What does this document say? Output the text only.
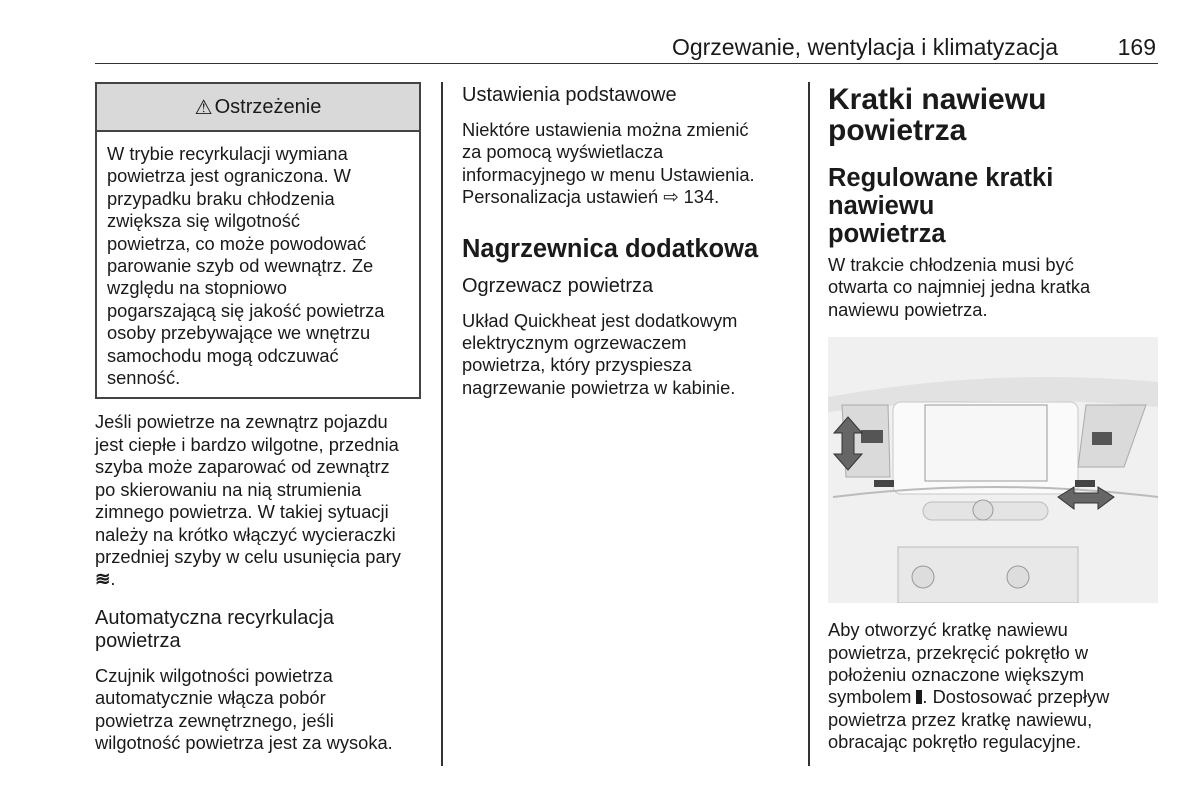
Ogrzewanie, wentylacja i klimatyzacja	169
⚠ Ostrzeżenie

W trybie recyrkulacji wymiana
powietrza jest ograniczona. W
przypadku braku chłodzenia
zwiększa się wilgotność
powietrza, co może powodować
parowanie szyb od wewnątrz. Ze
względu na stopniowo
pogarszającą się jakość powietrza
osoby przebywające we wnętrzu
samochodu mogą odczuwać
senność.

Jeśli powietrze na zewnątrz pojazdu
jest ciepłe i bardzo wilgotne, przednia
szyba może zaparować od zewnątrz
po skierowaniu na nią strumienia
zimnego powietrza. W takiej sytuacji
należy na krótko włączyć wycieraczki
przedniej szyby w celu usunięcia pary
≋.

Automatyczna recyrkulacja
powietrza

Czujnik wilgotności powietrza
automatycznie włącza pobór
powietrza zewnętrznego, jeśli
wilgotność powietrza jest za wysoka.

Ustawienia podstawowe

Niektóre ustawienia można zmienić
za pomocą wyświetlacza
informacyjnego w menu Ustawienia.
Personalizacja ustawień ⇨ 134.

Nagrzewnica dodatkowa
Ogrzewacz powietrza

Układ Quickheat jest dodatkowym
elektrycznym ogrzewaczem
powietrza, który przyspiesza
nagrzewanie powietrza w kabinie.

Kratki nawiewu
powietrza
Regulowane kratki nawiewu
powietrza

W trakcie chłodzenia musi być
otwarta co najmniej jedna kratka
nawiewu powietrza.

Aby otworzyć kratkę nawiewu
powietrza, przekręcić pokrętło w
położeniu oznaczone większym
symbolem . Dostosować przepływ
powietrza przez kratkę nawiewu,
obracając pokrętło regulacyjne.
